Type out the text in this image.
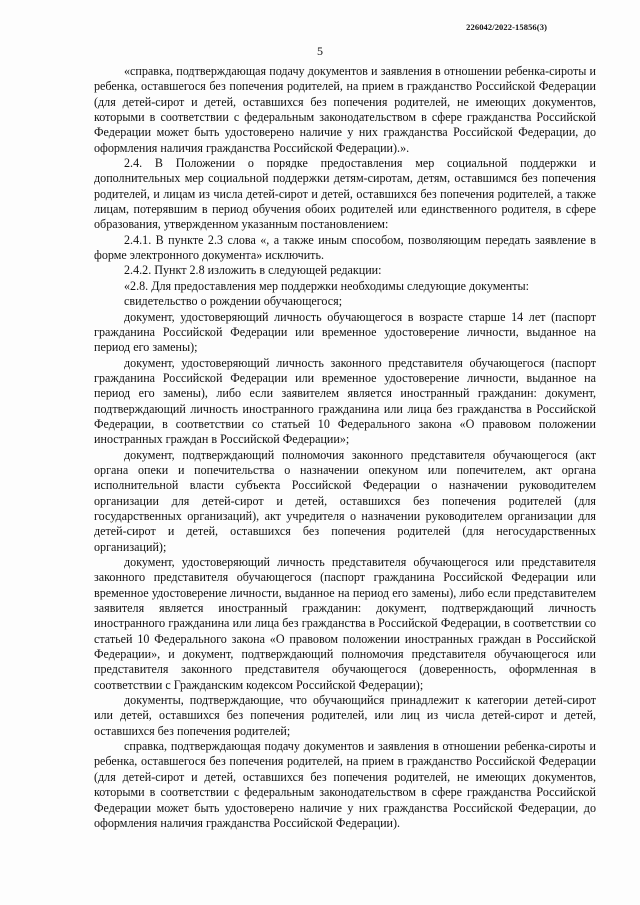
226042/2022-15856(3)
5

«справка, подтверждающая подачу документов и заявления в отношении ребенка-сироты и ребенка, оставшегося без попечения родителей, на прием в гражданство Российской Федерации (для детей-сирот и детей, оставшихся без попечения родителей, не имеющих документов, которыми в соответствии с федеральным законодательством в сфере гражданства Российской Федерации может быть удостоверено наличие у них гражданства Российской Федерации, до оформления наличия гражданства Российской Федерации).».

2.4. В Положении о порядке предоставления мер социальной поддержки и дополнительных мер социальной поддержки детям-сиротам, детям, оставшимся без попечения родителей, и лицам из числа детей-сирот и детей, оставшихся без попечения родителей, а также лицам, потерявшим в период обучения обоих родителей или единственного родителя, в сфере образования, утвержденном указанным постановлением:

2.4.1. В пункте 2.3 слова «, а также иным способом, позволяющим передать заявление в форме электронного документа» исключить.

2.4.2. Пункт 2.8 изложить в следующей редакции:

«2.8. Для предоставления мер поддержки необходимы следующие документы:

свидетельство о рождении обучающегося;

документ, удостоверяющий личность обучающегося в возрасте старше 14 лет (паспорт гражданина Российской Федерации или временное удостоверение личности, выданное на период его замены);

документ, удостоверяющий личность законного представителя обучающегося (паспорт гражданина Российской Федерации или временное удостоверение личности, выданное на период его замены), либо если заявителем является иностранный гражданин: документ, подтверждающий личность иностранного гражданина или лица без гражданства в Российской Федерации, в соответствии со статьей 10 Федерального закона «О правовом положении иностранных граждан в Российской Федерации»;

документ, подтверждающий полномочия законного представителя обучающегося (акт органа опеки и попечительства о назначении опекуном или попечителем, акт органа исполнительной власти субъекта Российской Федерации о назначении руководителем организации для детей-сирот и детей, оставшихся без попечения родителей (для государственных организаций), акт учредителя о назначении руководителем организации для детей-сирот и детей, оставшихся без попечения родителей (для негосударственных организаций);

документ, удостоверяющий личность представителя обучающегося или представителя законного представителя обучающегося (паспорт гражданина Российской Федерации или временное удостоверение личности, выданное на период его замены), либо если представителем заявителя является иностранный гражданин: документ, подтверждающий личность иностранного гражданина или лица без гражданства в Российской Федерации, в соответствии со статьей 10 Федерального закона «О правовом положении иностранных граждан в Российской Федерации», и документ, подтверждающий полномочия представителя обучающегося или представителя законного представителя обучающегося (доверенность, оформленная в соответствии с Гражданским кодексом Российской Федерации);

документы, подтверждающие, что обучающийся принадлежит к категории детей-сирот или детей, оставшихся без попечения родителей, или лиц из числа детей-сирот и детей, оставшихся без попечения родителей;

справка, подтверждающая подачу документов и заявления в отношении ребенка-сироты и ребенка, оставшегося без попечения родителей, на прием в гражданство Российской Федерации (для детей-сирот и детей, оставшихся без попечения родителей, не имеющих документов, которыми в соответствии с федеральным законодательством в сфере гражданства Российской Федерации может быть удостоверено наличие у них гражданства Российской Федерации, до оформления наличия гражданства Российской Федерации).
